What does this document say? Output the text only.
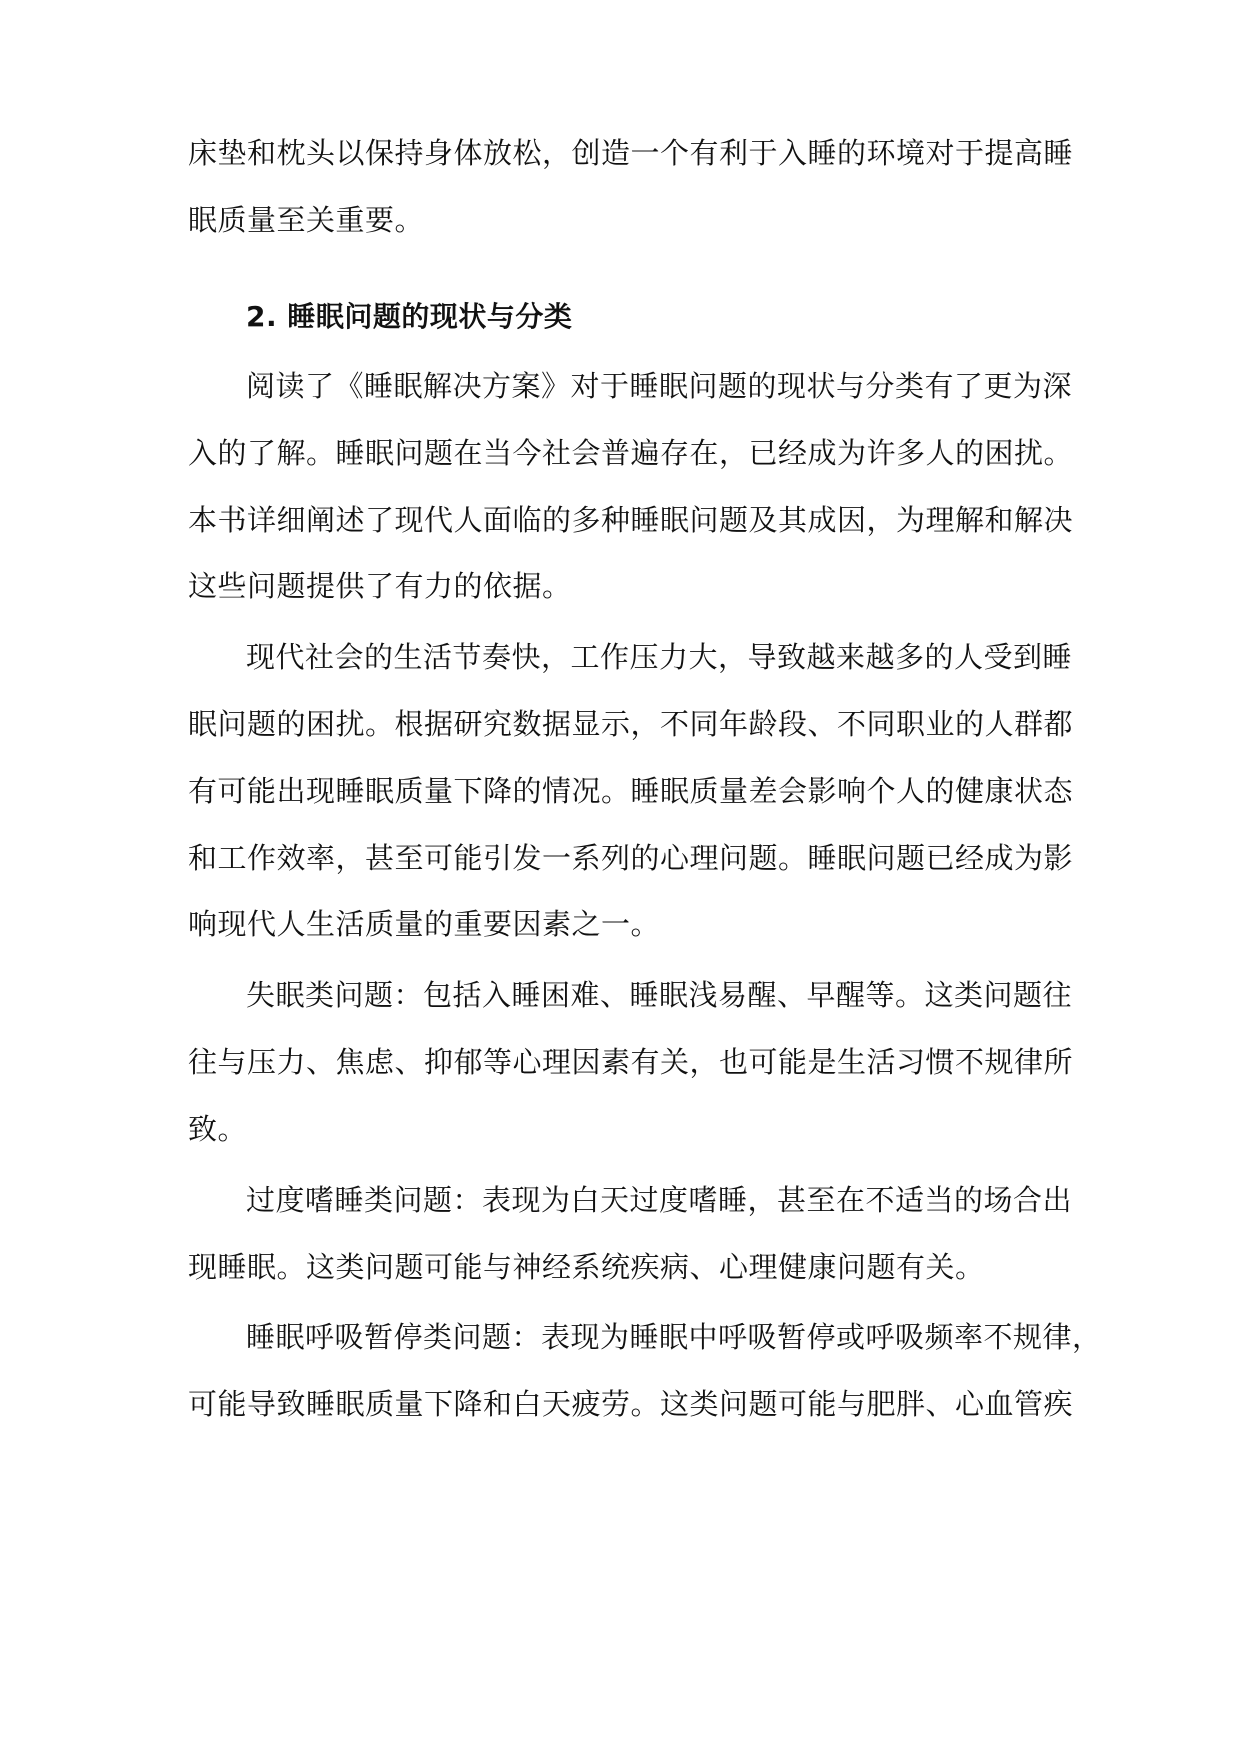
床垫和枕头以保持身体放松，创造一个有利于入睡的环境对于提高睡
眠质量至关重要。
2. 睡眠问题的现状与分类
阅读了《睡眠解决方案》对于睡眠问题的现状与分类有了更为深
入的了解。睡眠问题在当今社会普遍存在，已经成为许多人的困扰。
本书详细阐述了现代人面临的多种睡眠问题及其成因，为理解和解决
这些问题提供了有力的依据。
现代社会的生活节奏快，工作压力大，导致越来越多的人受到睡
眠问题的困扰。根据研究数据显示，不同年龄段、不同职业的人群都
有可能出现睡眠质量下降的情况。睡眠质量差会影响个人的健康状态
和工作效率，甚至可能引发一系列的心理问题。睡眠问题已经成为影
响现代人生活质量的重要因素之一。
失眠类问题：包括入睡困难、睡眠浅易醒、早醒等。这类问题往
往与压力、焦虑、抑郁等心理因素有关，也可能是生活习惯不规律所
致。
过度嗜睡类问题：表现为白天过度嗜睡，甚至在不适当的场合出
现睡眠。这类问题可能与神经系统疾病、心理健康问题有关。
睡眠呼吸暂停类问题：表现为睡眠中呼吸暂停或呼吸频率不规律，
可能导致睡眠质量下降和白天疲劳。这类问题可能与肥胖、心血管疾
